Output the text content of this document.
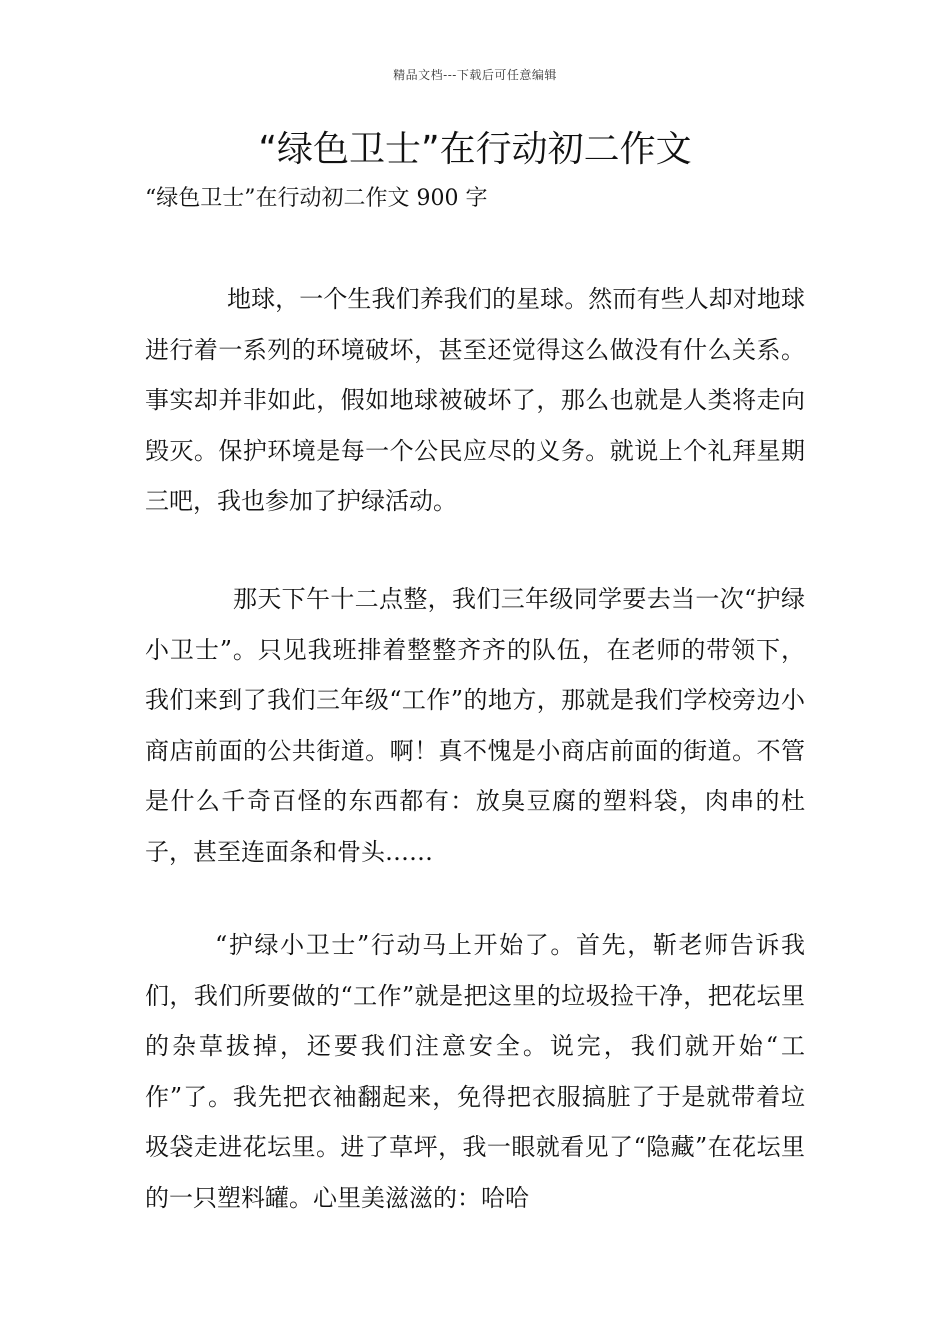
精品文档---下载后可任意编辑
“绿色卫士”在行动初二作文

“绿色卫士”在行动初二作文 900 字

地球，一个生我们养我们的星球。然而有些人却对地球进行着一系列的环境破坏，甚至还觉得这么做没有什么关系。事实却并非如此，假如地球被破坏了，那么也就是人类将走向毁灭。保护环境是每一个公民应尽的义务。就说上个礼拜星期三吧，我也参加了护绿活动。

那天下午十二点整，我们三年级同学要去当一次“护绿小卫士”。只见我班排着整整齐齐的队伍，在老师的带领下，我们来到了我们三年级“工作”的地方，那就是我们学校旁边小商店前面的公共街道。啊！真不愧是小商店前面的街道。不管是什么千奇百怪的东西都有：放臭豆腐的塑料袋，肉串的杜子，甚至连面条和骨头……

“护绿小卫士”行动马上开始了。首先，靳老师告诉我们，我们所要做的“工作”就是把这里的垃圾捡干净，把花坛里的杂草拔掉，还要我们注意安全。说完，我们就开始“工作”了。我先把衣袖翻起来，免得把衣服搞脏了于是就带着垃圾袋走进花坛里。进了草坪，我一眼就看见了“隐藏”在花坛里的一只塑料罐。心里美滋滋的：哈哈
